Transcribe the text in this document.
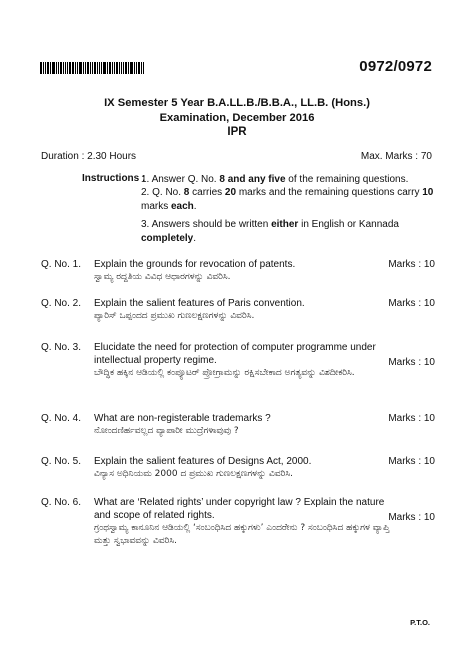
0972/0972
IX Semester 5 Year B.A.LL.B./B.B.A., LL.B. (Hons.)
Examination, December 2016
IPR
Duration : 2.30 Hours	Max. Marks : 70
Instructions :
1. Answer Q. No. 8 and any five of the remaining questions.
2. Q. No. 8 carries 20 marks and the remaining questions carry 10 marks each.
3. Answers should be written either in English or Kannada completely.
Q. No. 1. Explain the grounds for revocation of patents.
ಸ್ವಾಮ್ಯ ರದ್ದತಿಯ ವಿವಿಧ ಆಧಾರಗಳನ್ನು ವಿವರಿಸಿ.
Marks : 10
Q. No. 2. Explain the salient features of Paris convention.
ಪ್ಯಾರಿಸ್ ಒಪ್ಪಂದದ ಪ್ರಮುಖ ಗುಣಲಕ್ಷಣಗಳನ್ನು ವಿವರಿಸಿ.
Marks : 10
Q. No. 3. Elucidate the need for protection of computer programme under intellectual property regime.
ಬೌದ್ಧಿಕ ಹಕ್ಕಿನ ಆಡಿಯಲ್ಲಿ ಕಂಪ್ಯೂಟರ್ ಪ್ರೋಗ್ರಾಮನ್ನು ರಕ್ಷಿಸಬೇಕಾದ ಅಗತ್ಯವನ್ನು ವಿಶದೀಕರಿಸಿ.
Marks : 10
Q. No. 4. What are non-registerable trademarks ?
ನೋಂದಣಿರ್ಹವಲ್ಲದ ವ್ಯಾಪಾರೀ ಮುದ್ರೆಗಳಾವುವು ?
Marks : 10
Q. No. 5. Explain the salient features of Designs Act, 2000.
ವಿನ್ಯಾಸ ಅಧಿನಿಯಮ 2000 ದ ಪ್ರಮುಖ ಗುಣಲಕ್ಷಣಗಳನ್ನು ವಿವರಿಸಿ.
Marks : 10
Q. No. 6. What are ‘Related rights’ under copyright law ? Explain the nature and scope of related rights.
ಗ್ರಂಥಸ್ವಾಮ್ಯ ಕಾನೂನಿನ ಆಡಿಯಲ್ಲಿ ‘ಸಂಬಂಧಿಸಿದ ಹಕ್ಕುಗಳು’ ಎಂದರೇನು ? ಸಂಬಂಧಿಸಿದ ಹಕ್ಕುಗಳ ವ್ಯಾಪ್ತಿ ಮತ್ತು ಸ್ವಭಾವವನ್ನು ವಿವರಿಸಿ.
Marks : 10
P.T.O.
